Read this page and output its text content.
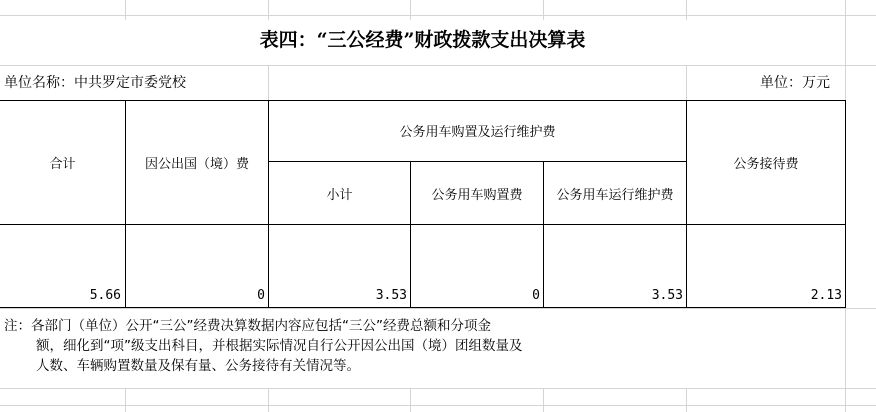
表四：“三公经费”财政拨款支出决算表
单位名称：中共罗定市委党校	单位：万元
合计	因公出国（境）费
公务用车购置及运行维护费
小计	公务用车购置费	公务用车运行维护费
公务接待费
5.66	0	3.53	0	3.53	2.13
注：各部门（单位）公开“三公”经费决算数据内容应包括“三公”经费总额和分项金
额，细化到“项”级支出科目，并根据实际情况自行公开因公出国（境）团组数量及
人数、车辆购置数量及保有量、公务接待有关情况等。
